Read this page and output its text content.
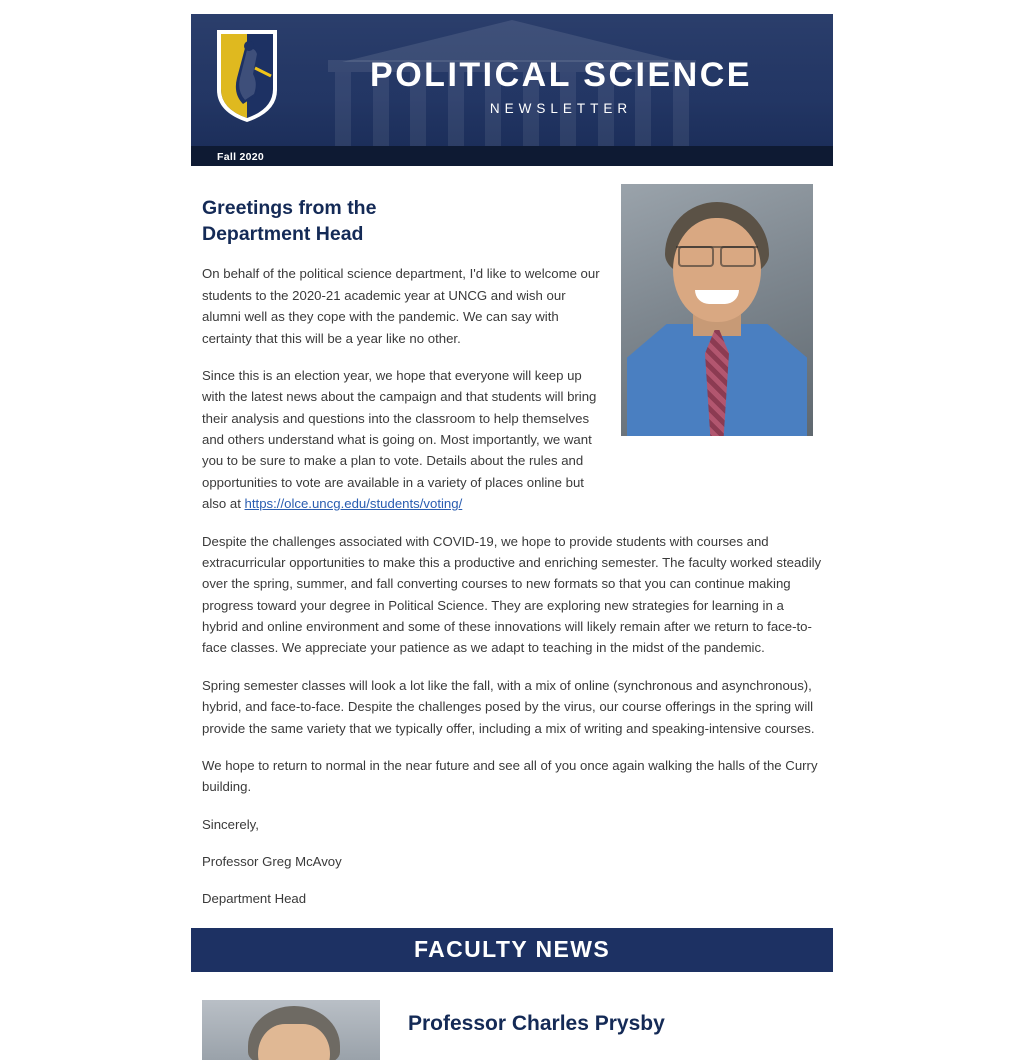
POLITICAL SCIENCE
NEWSLETTER
Fall 2020
Greetings from the
Department Head

On behalf of the political science department, I'd like to welcome our students to the 2020-21 academic year at UNCG and wish our alumni well as they cope with the pandemic. We can say with certainty that this will be a year like no other.

Since this is an election year, we hope that everyone will keep up with the latest news about the campaign and that students will bring their analysis and questions into the classroom to help themselves and others understand what is going on. Most importantly, we want you to be sure to make a plan to vote. Details about the rules and opportunities to vote are available in a variety of places online but also at https://olce.uncg.edu/students/voting/

Despite the challenges associated with COVID-19, we hope to provide students with courses and extracurricular opportunities to make this a productive and enriching semester. The faculty worked steadily over the spring, summer, and fall converting courses to new formats so that you can continue making progress toward your degree in Political Science. They are exploring new strategies for learning in a hybrid and online environment and some of these innovations will likely remain after we return to face-to-face classes. We appreciate your patience as we adapt to teaching in the midst of the pandemic.

Spring semester classes will look a lot like the fall, with a mix of online (synchronous and asynchronous), hybrid, and face-to-face. Despite the challenges posed by the virus, our course offerings in the spring will provide the same variety that we typically offer, including a mix of writing and speaking-intensive courses.

We hope to return to normal in the near future and see all of you once again walking the halls of the Curry building.

Sincerely,

Professor Greg McAvoy

Department Head

FACULTY NEWS
Professor Charles Prysby
